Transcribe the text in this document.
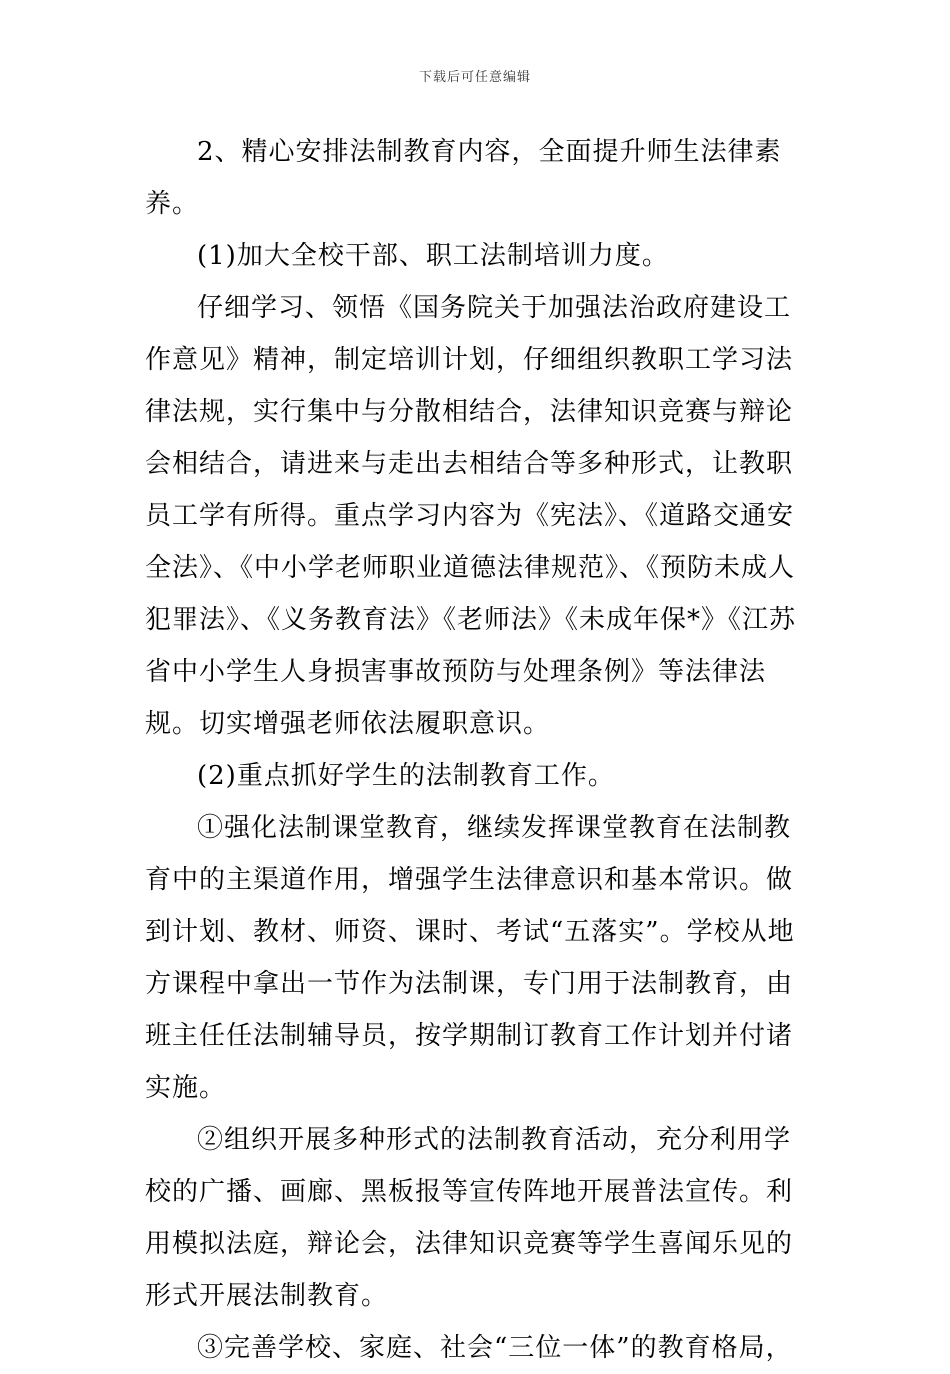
下载后可任意编辑

2、精心安排法制教育内容，全面提升师生法律素养。

(1)加大全校干部、职工法制培训力度。

仔细学习、领悟《国务院关于加强法治政府建设工作意见》精神，制定培训计划，仔细组织教职工学习法律法规，实行集中与分散相结合，法律知识竞赛与辩论会相结合，请进来与走出去相结合等多种形式，让教职员工学有所得。重点学习内容为《宪法》、《道路交通安全法》、《中小学老师职业道德法律规范》、《预防未成人犯罪法》、《义务教育法》《老师法》《未成年保*》《江苏省中小学生人身损害事故预防与处理条例》等法律法规。切实增强老师依法履职意识。

(2)重点抓好学生的法制教育工作。

①强化法制课堂教育，继续发挥课堂教育在法制教育中的主渠道作用，增强学生法律意识和基本常识。做到计划、教材、师资、课时、考试“五落实”。学校从地方课程中拿出一节作为法制课，专门用于法制教育，由班主任任法制辅导员，按学期制订教育工作计划并付诸实施。

②组织开展多种形式的法制教育活动，充分利用学校的广播、画廊、黑板报等宣传阵地开展普法宣传。利用模拟法庭，辩论会，法律知识竞赛等学生喜闻乐见的形式开展法制教育。

③完善学校、家庭、社会“三位一体”的教育格局，
